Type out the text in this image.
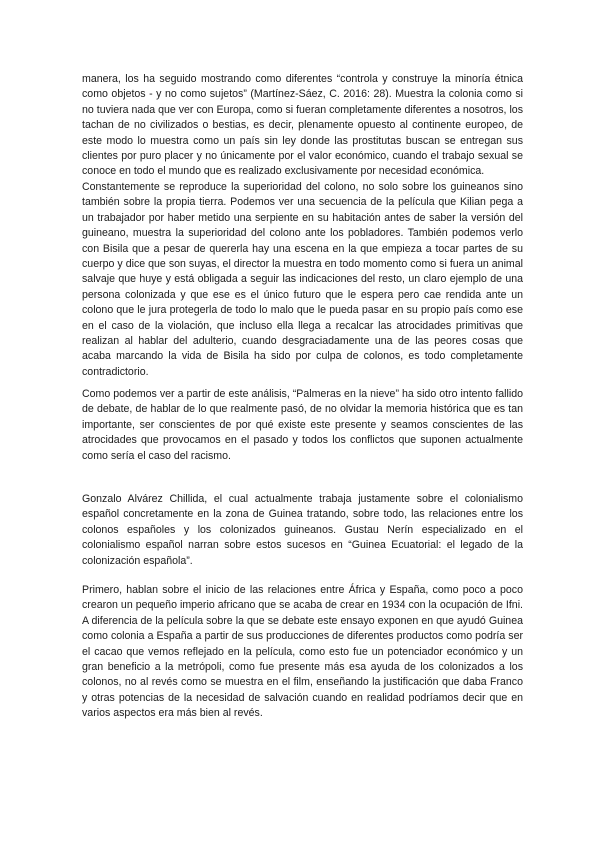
manera, los ha seguido mostrando como diferentes “controla y construye la minoría étnica como objetos - y no como sujetos” (Martínez-Sáez, C. 2016: 28). Muestra la colonia como si no tuviera nada que ver con Europa, como si fueran completamente diferentes a nosotros, los tachan de no civilizados o bestias, es decir, plenamente opuesto al continente europeo, de este modo lo muestra como un país sin ley donde las prostitutas buscan se entregan sus clientes por puro placer y no únicamente por el valor económico, cuando el trabajo sexual se conoce en todo el mundo que es realizado exclusivamente por necesidad económica.

Constantemente se reproduce la superioridad del colono, no solo sobre los guineanos sino también sobre la propia tierra. Podemos ver una secuencia de la película que Kilian pega a un trabajador por haber metido una serpiente en su habitación antes de saber la versión del guineano, muestra la superioridad del colono ante los pobladores. También podemos verlo con Bisila que a pesar de quererla hay una escena en la que empieza a tocar partes de su cuerpo y dice que son suyas, el director la muestra en todo momento como si fuera un animal salvaje que huye y está obligada a seguir las indicaciones del resto, un claro ejemplo de una persona colonizada y que ese es el único futuro que le espera pero cae rendida ante un colono que le jura protegerla de todo lo malo que le pueda pasar en su propio país como ese en el caso de la violación, que incluso ella llega a recalcar las atrocidades primitivas que realizan al hablar del adulterio, cuando desgraciadamente una de las peores cosas que acaba marcando la vida de Bisila ha sido por culpa de colonos, es todo completamente contradictorio.

Como podemos ver a partir de este análisis, “Palmeras en la nieve” ha sido otro intento fallido de debate, de hablar de lo que realmente pasó, de no olvidar la memoria histórica que es tan importante, ser conscientes de por qué existe este presente y seamos conscientes de las atrocidades que provocamos en el pasado y todos los conflictos que suponen actualmente como sería el caso del racismo.

Gonzalo Alvárez Chillida, el cual actualmente trabaja justamente sobre el colonialismo español concretamente en la zona de Guinea tratando, sobre todo, las relaciones entre los colonos españoles y los colonizados guineanos. Gustau Nerín especializado en el colonialismo español narran sobre estos sucesos en “Guinea Ecuatorial: el legado de la colonización española”.

Primero, hablan sobre el inicio de las relaciones entre África y España, como poco a poco crearon un pequeño imperio africano que se acaba de crear en 1934 con la ocupación de Ifni. A diferencia de la película sobre la que se debate este ensayo exponen en que ayudó Guinea como colonia a España a partir de sus producciones de diferentes productos como podría ser el cacao que vemos reflejado en la película, como esto fue un potenciador económico y un gran beneficio a la metrópoli, como fue presente más esa ayuda de los colonizados a los colonos, no al revés como se muestra en el film, enseñando la justificación que daba Franco y otras potencias de la necesidad de salvación cuando en realidad podríamos decir que en varios aspectos era más bien al revés.
